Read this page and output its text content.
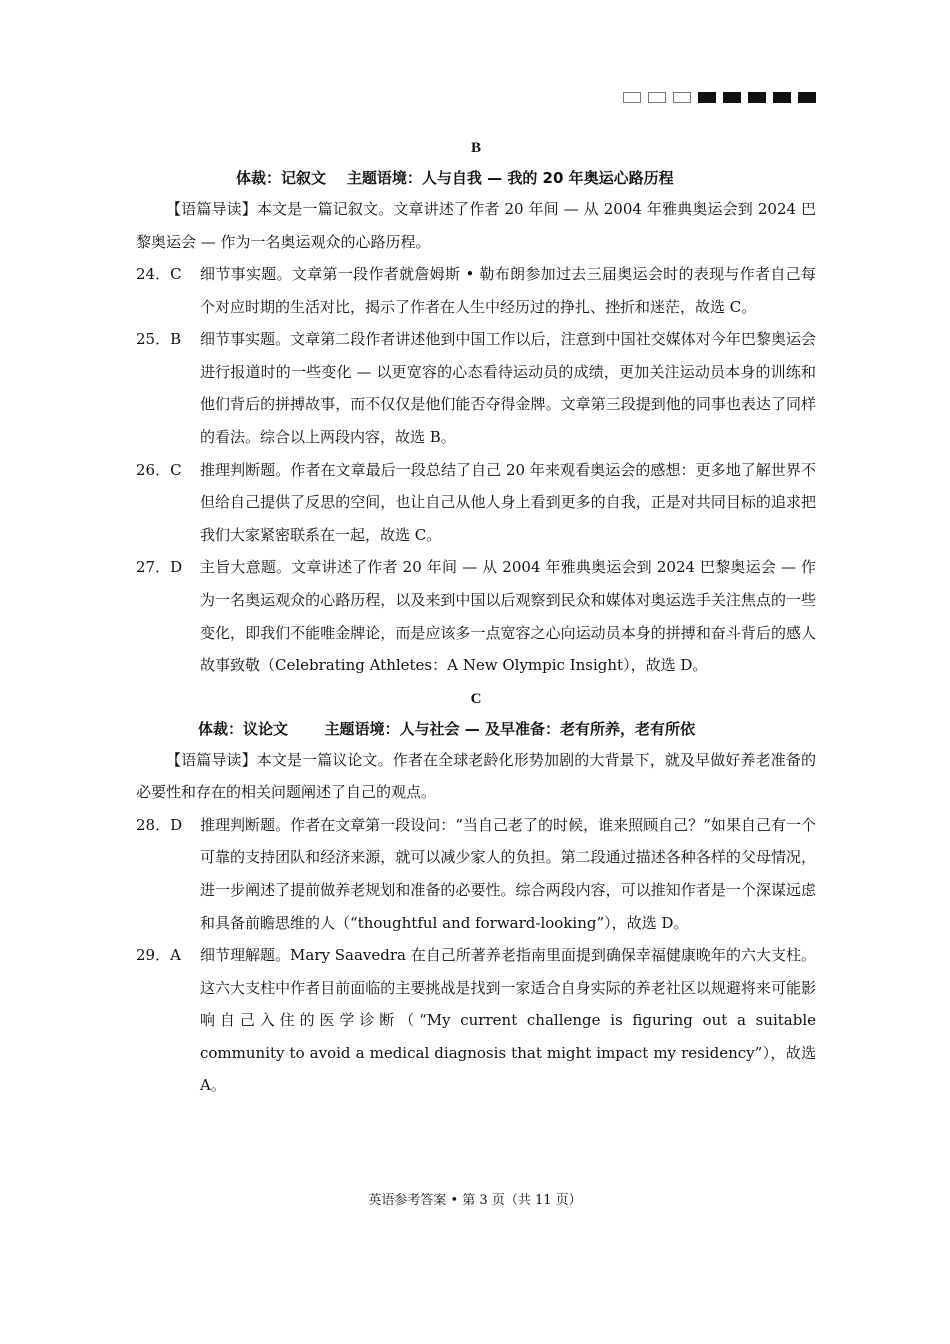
B
体裁：记叙文    主题语境：人与自我 — 我的 20 年奥运心路历程

【语篇导读】本文是一篇记叙文。文章讲述了作者 20 年间 — 从 2004 年雅典奥运会到 2024 巴黎奥运会 — 作为一名奥运观众的心路历程。

24．C	细节事实题。文章第一段作者就詹姆斯 • 勒布朗参加过去三届奥运会时的表现与作者自己每个对应时期的生活对比，揭示了作者在人生中经历过的挣扎、挫折和迷茫，故选 C。
25．B	细节事实题。文章第二段作者讲述他到中国工作以后，注意到中国社交媒体对今年巴黎奥运会进行报道时的一些变化 — 以更宽容的心态看待运动员的成绩，更加关注运动员本身的训练和他们背后的拼搏故事，而不仅仅是他们能否夺得金牌。文章第三段提到他的同事也表达了同样的看法。综合以上两段内容，故选 B。
26．C	推理判断题。作者在文章最后一段总结了自己 20 年来观看奥运会的感想：更多地了解世界不但给自己提供了反思的空间，也让自己从他人身上看到更多的自我，正是对共同目标的追求把我们大家紧密联系在一起，故选 C。
27．D	主旨大意题。文章讲述了作者 20 年间 — 从 2004 年雅典奥运会到 2024 巴黎奥运会 — 作为一名奥运观众的心路历程，以及来到中国以后观察到民众和媒体对奥运选手关注焦点的一些变化，即我们不能唯金牌论，而是应该多一点宽容之心向运动员本身的拼搏和奋斗背后的感人故事致敬（Celebrating Athletes：A New Olympic Insight），故选 D。
C
体裁：议论文       主题语境：人与社会 — 及早准备：老有所养，老有所依

【语篇导读】本文是一篇议论文。作者在全球老龄化形势加剧的大背景下，就及早做好养老准备的必要性和存在的相关问题阐述了自己的观点。

28．D	推理判断题。作者在文章第一段设问：“当自己老了的时候，谁来照顾自己？”如果自己有一个可靠的支持团队和经济来源，就可以减少家人的负担。第二段通过描述各种各样的父母情况，进一步阐述了提前做养老规划和准备的必要性。综合两段内容，可以推知作者是一个深谋远虑和具备前瞻思维的人（“thoughtful and forward-looking”），故选 D。
29．A	细节理解题。Mary Saavedra 在自己所著养老指南里面提到确保幸福健康晚年的六大支柱。这六大支柱中作者目前面临的主要挑战是找到一家适合自身实际的养老社区以规避将来可能影响自己入住的医学诊断（“My current challenge is figuring out a suitable community to avoid a medical diagnosis that might impact my residency”），故选 A。
英语参考答案 • 第 3 页（共 11 页）
